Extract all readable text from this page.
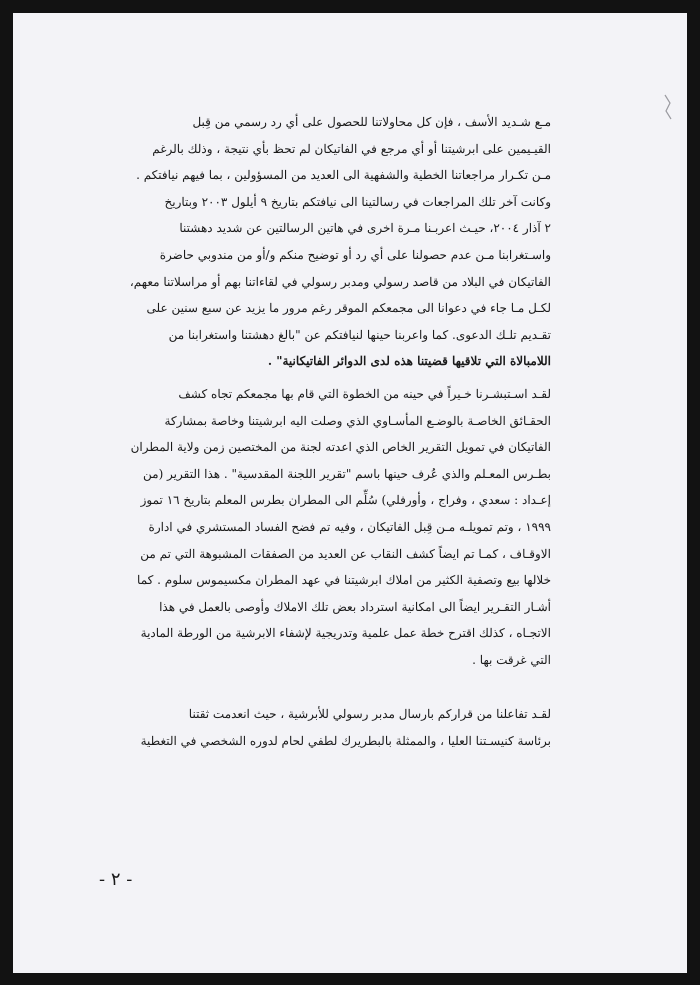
مـع شـديد الأسف ، فإن كل محاولاتنا للحصول على أي رد رسمي من قِبل
القيـيمين على ابرشيتنا أو أي مرجع في الفاتيكان لم تحظ بأي نتيجة ، وذلك بالرغم
مـن تكـرار مراجعاتنا الخطية والشفهية الى العديد من المسؤولين ، بما فيهم نيافتكم .
وكانت آخر تلك المراجعات في رسالتينا الى نيافتكم بتاريخ ٩ أيلول ٢٠٠٣ وبتاريخ
٢ آذار ٢٠٠٤، حيـث اعربـنا مـرة اخرى في هاتين الرسالتين عن شديد دهشتنا
واسـتغرابنا مـن عدم حصولنا على أي رد أو توضيح منكم و/أو من مندوبي حاضرة
الفاتيكان في البلاد من قاصد رسولي ومدبر رسولي في لقاءاتنا بهم أو مراسلاتنا معهم،
لكـل مـا جاء في دعوانا الى مجمعكم الموقر رغم مرور ما يزيد عن سبع سنين على
تقـديم تلـك الدعوى. كما واعربنا حينها لنيافتكم عن "بالغ دهشتنا واستغرابنا من
اللامبالاة التي تلاقيها قضيتنا هذه لدى الدوائر الفاتيكانية" .
لقـد اسـتبشـرنا خـيراً في حينه من الخطوة التي قام بها مجمعكم تجاه كشف
الحقـائق الخاصـة بالوضـع المأسـاوي الذي وصلت اليه ابرشيتنا وخاصة بمشاركة
الفاتيكان في تمويل التقرير الخاص الذي اعدته لجنة من المختصين زمن ولاية المطران
بطـرس المعـلم والذي عُرف حينها باسم "تقرير اللجنة المقدسية" . هذا التقرير (من
إعـداد : سعدي ، وفراج ، وأورفلي) سُلِّم الى المطران بطرس المعلم بتاريخ ١٦ تموز
١٩٩٩ ، وتم تمويلـه مـن قِبل الفاتيكان ، وفيه تم فضح الفساد المستشري في ادارة
الاوقـاف ، كمـا تم ايضاً كشف النقاب عن العديد من الصفقات المشبوهة التي تم من
خلالها بيع وتصفية الكثير من املاك ابرشيتنا في عهد المطران مكسيموس سلوم . كما
أشـار التقـرير ايضاً الى امكانية استرداد بعض تلك الاملاك وأوصى بالعمل في هذا
الاتجـاه ، كذلك اقترح خطة عمل علمية وتدريجية لإشفاء الابرشية من الورطة المادية
التي غرقت بها .
لقـد تفاعلنا من قراركم بارسال مدبر رسولي للأبرشية ، حيث انعدمت ثقتنا
برئاسة كنيسـتنا العليا ، والممثلة بالبطريرك لطفي لحام لدوره الشخصي في التغطية
- ٢ -
